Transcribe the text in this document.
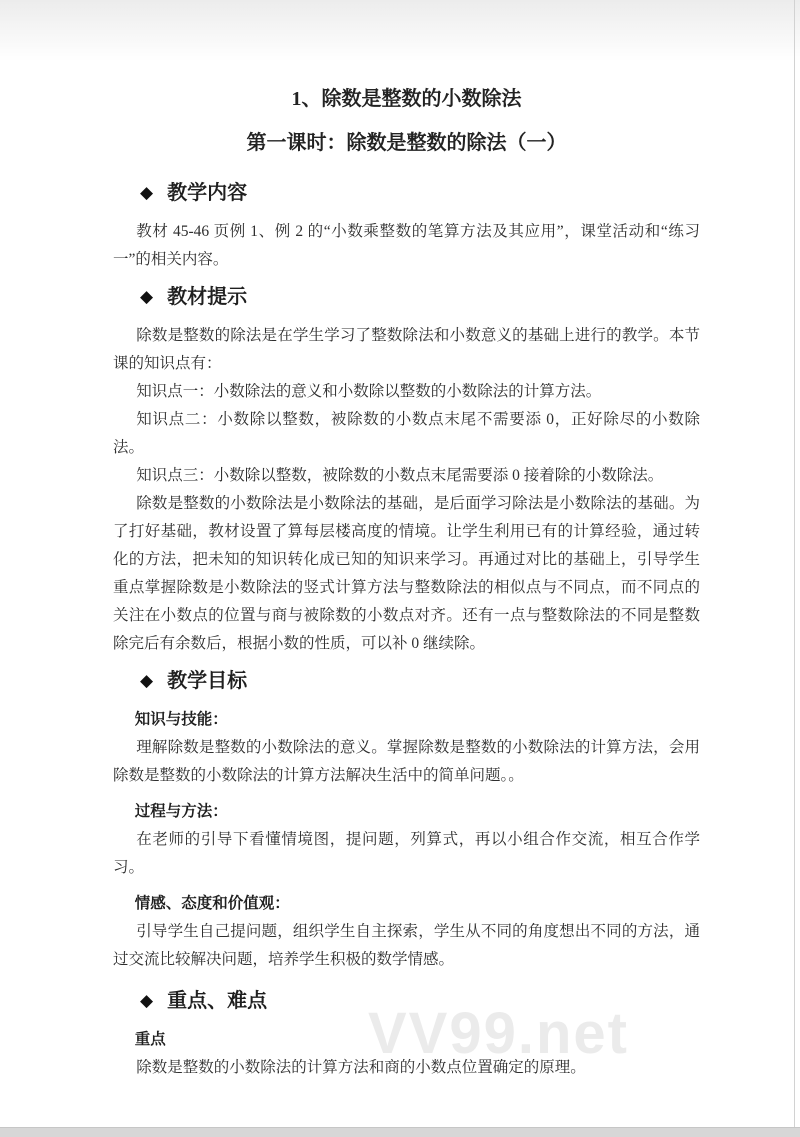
1、除数是整数的小数除法
第一课时：除数是整数的除法（一）
◆ 教学内容

教材 45-46 页例 1、例 2 的“小数乘整数的笔算方法及其应用”，课堂活动和“练习一”的相关内容。

◆ 教材提示

除数是整数的除法是在学生学习了整数除法和小数意义的基础上进行的教学。本节课的知识点有：

知识点一：小数除法的意义和小数除以整数的小数除法的计算方法。

知识点二：小数除以整数，被除数的小数点末尾不需要添 0，正好除尽的小数除法。

知识点三：小数除以整数，被除数的小数点末尾需要添 0 接着除的小数除法。

除数是整数的小数除法是小数除法的基础，是后面学习除法是小数除法的基础。为了打好基础，教材设置了算每层楼高度的情境。让学生利用已有的计算经验，通过转化的方法，把未知的知识转化成已知的知识来学习。再通过对比的基础上，引导学生重点掌握除数是小数除法的竖式计算方法与整数除法的相似点与不同点，而不同点的关注在小数点的位置与商与被除数的小数点对齐。还有一点与整数除法的不同是整数除完后有余数后，根据小数的性质，可以补 0 继续除。

◆ 教学目标

知识与技能：

理解除数是整数的小数除法的意义。掌握除数是整数的小数除法的计算方法，会用除数是整数的小数除法的计算方法解决生活中的简单问题。。

过程与方法：

在老师的引导下看懂情境图，提问题，列算式，再以小组合作交流，相互合作学习。

情感、态度和价值观：

引导学生自己提问题，组织学生自主探索，学生从不同的角度想出不同的方法，通过交流比较解决问题，培养学生积极的数学情感。

◆ 重点、难点

重点

除数是整数的小数除法的计算方法和商的小数点位置确定的原理。

VV99.net
